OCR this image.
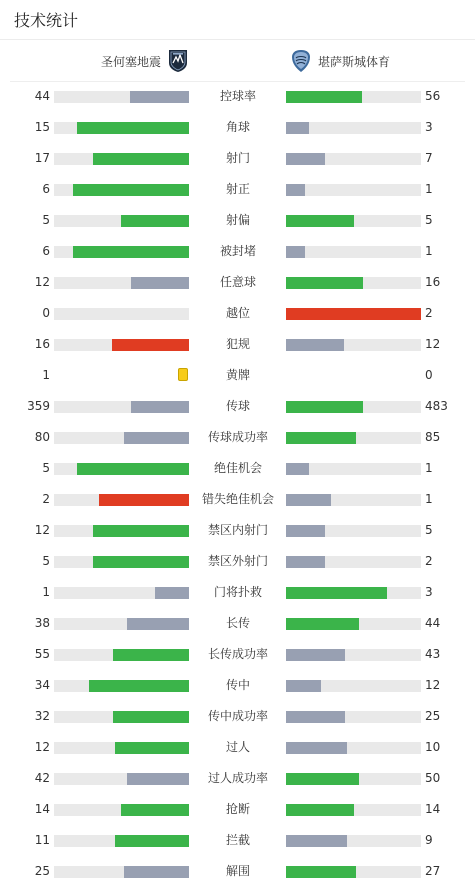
技术统计
圣何塞地震	堪萨斯城体育
44	控球率	56
15	角球	3
17	射门	7
6	射正	1
5	射偏	5
6	被封堵	1
12	任意球	16
0	越位	2
16	犯规	12
1	黄牌	0
359	传球	483
80	传球成功率	85
5	绝佳机会	1
2	错失绝佳机会	1
12	禁区内射门	5
5	禁区外射门	2
1	门将扑救	3
38	长传	44
55	长传成功率	43
34	传中	12
32	传中成功率	25
12	过人	10
42	过人成功率	50
14	抢断	14
11	拦截	9
25	解围	27
